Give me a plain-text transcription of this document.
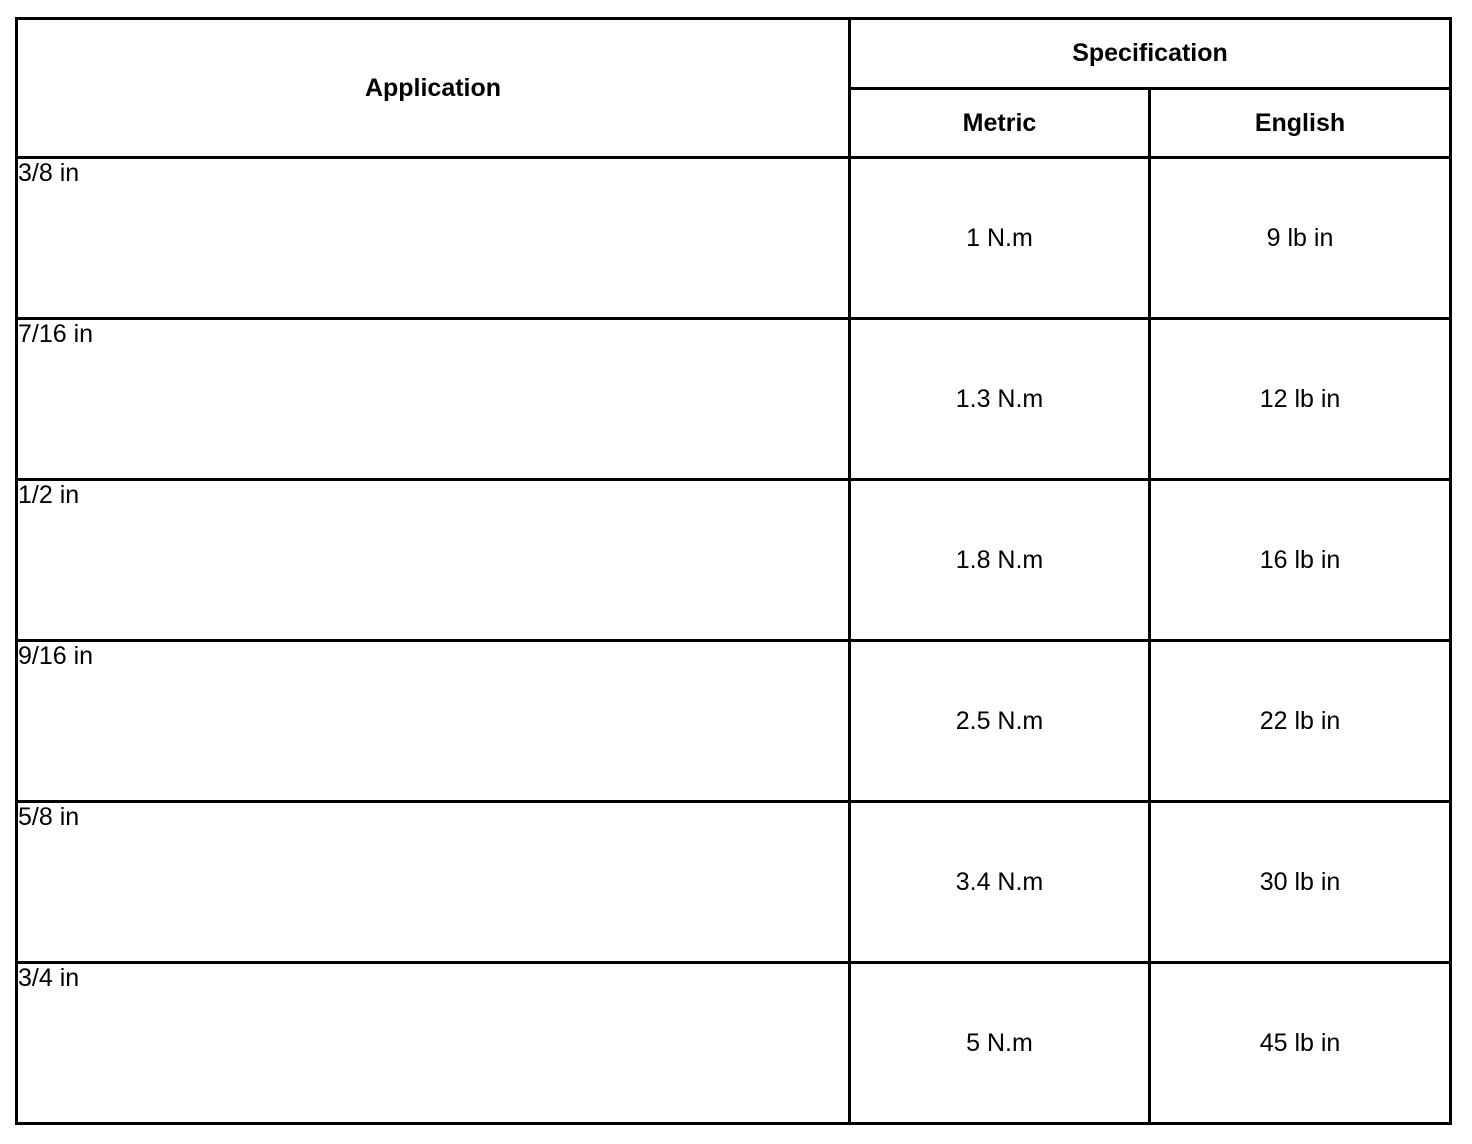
Application	Specification	
	Metric	English
3/8 in	1 N.m	9 lb in
7/16 in	1.3 N.m	12 lb in
1/2 in	1.8 N.m	16 lb in
9/16 in	2.5 N.m	22 lb in
5/8 in	3.4 N.m	30 lb in
3/4 in	5 N.m	45 lb in
